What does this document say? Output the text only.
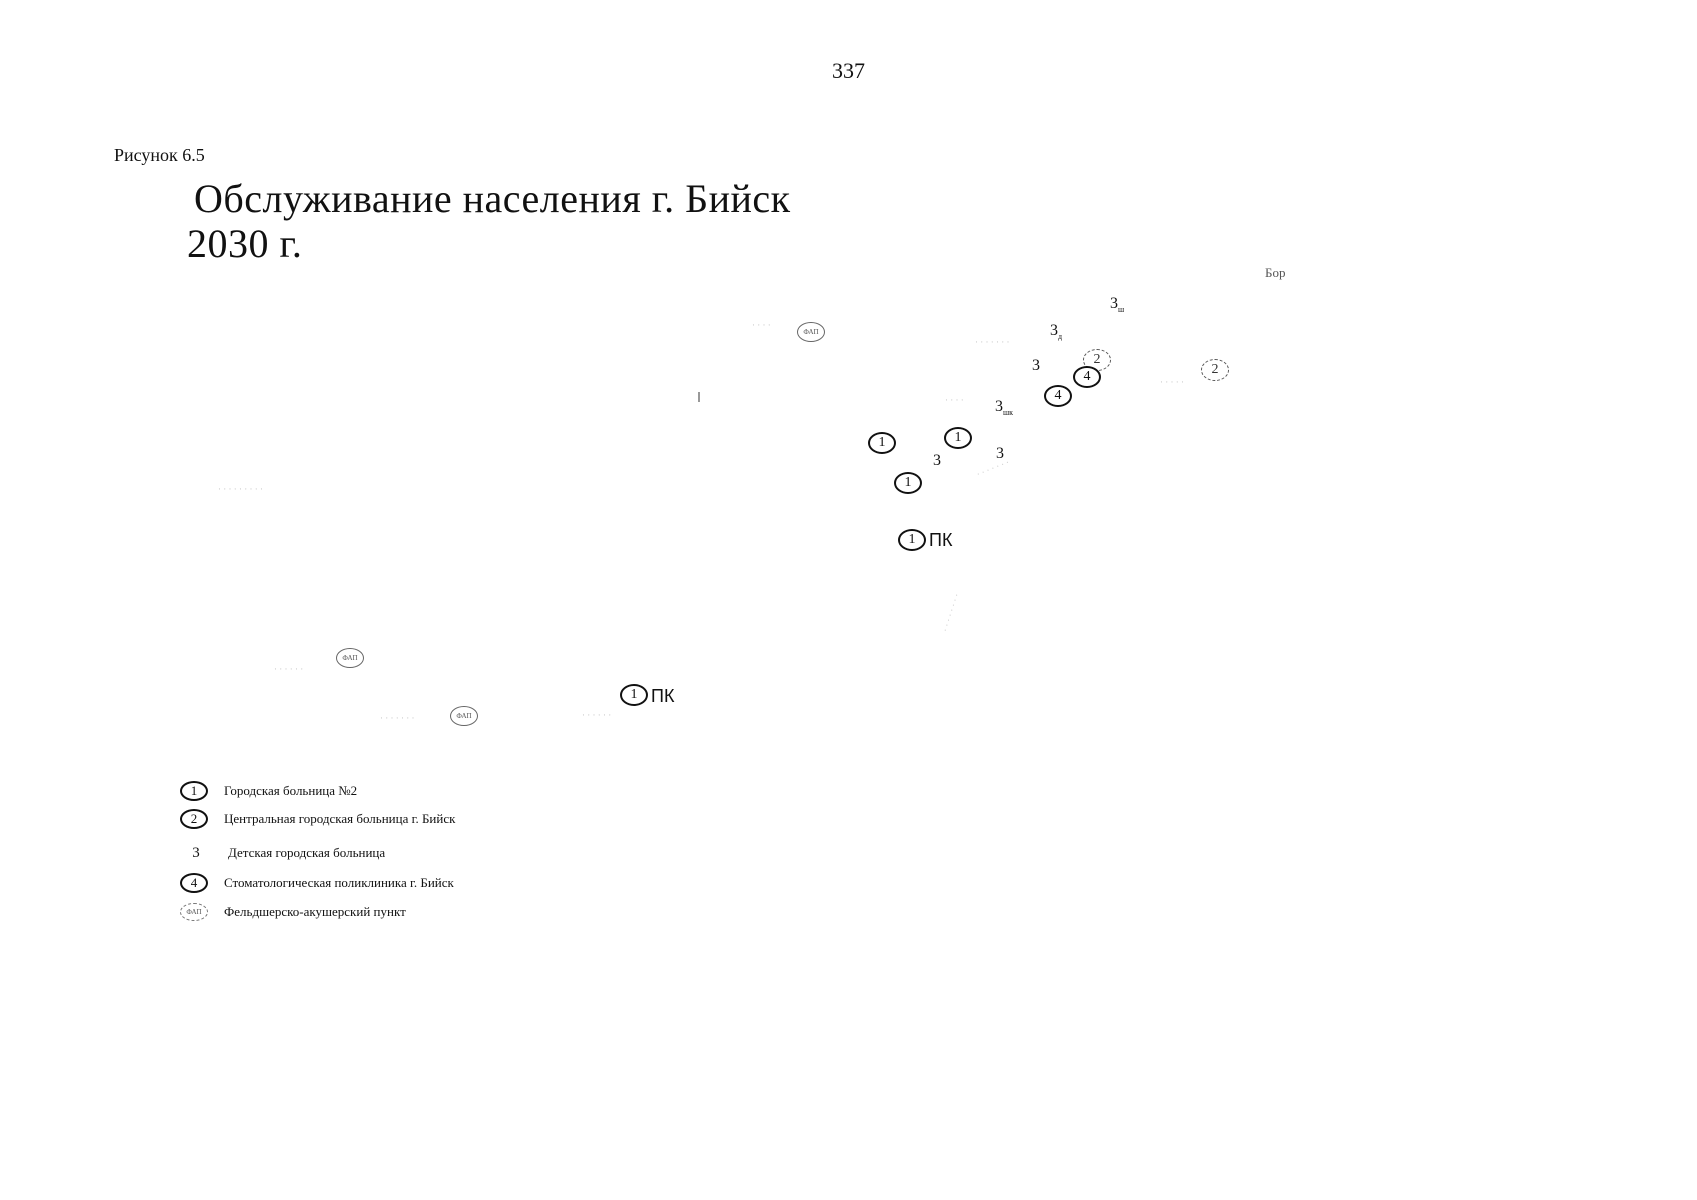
337
Рисунок 6.5
Обслуживание населения г. Бийск
2030 г.
· · · ·
· · · · · · ·
· · · ·
· · · · ·
· · · · · · · · ·
· · · · · ·
· · · · · · ·	· · · · · ·
· · · · · · ·
· · · · · · · ·
Бор
$3_ш$
$3_д$
3
$3_{шк}$
3	3
2
2
4
4
1	1
1
1 ПК
1 ПК
ФАП
ФАП
ФАП
1	Городская больница №2
2	Центральная городская больница г. Бийск
3	Детская городская больница
4	Стоматологическая поликлиника г. Бийск
ФАП	Фельдшерско-акушерский пункт
